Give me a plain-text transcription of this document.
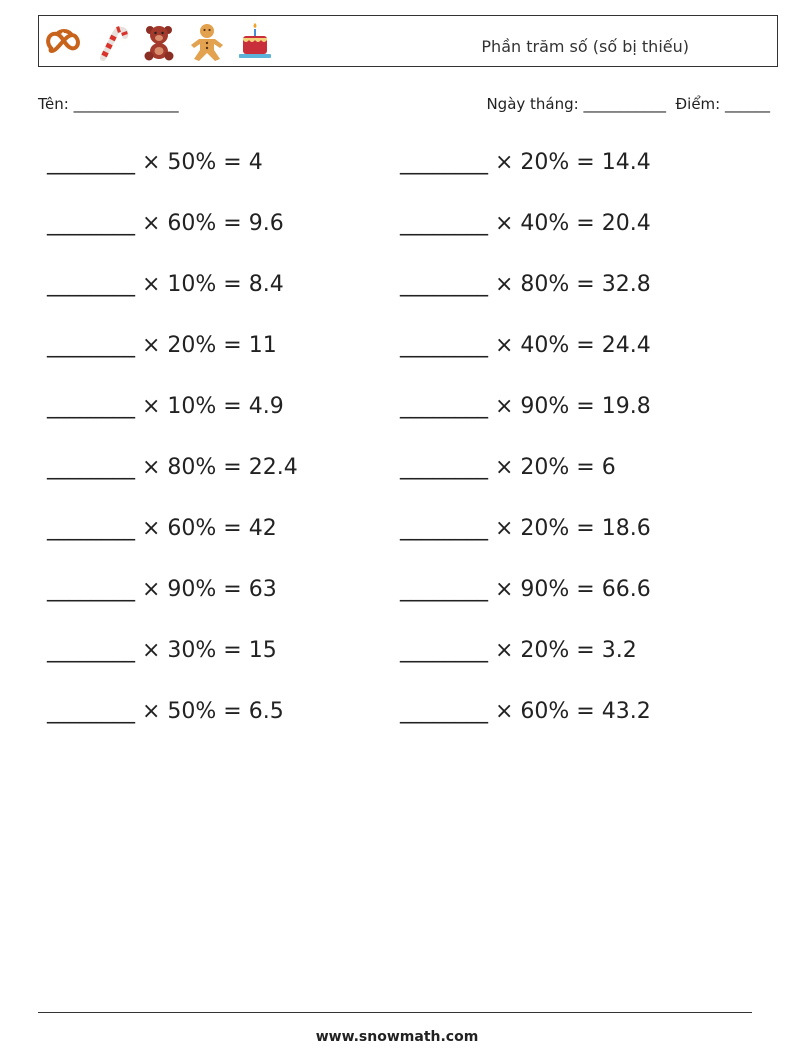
Phần trăm số (số bị thiếu)
Tên: ______________	Ngày tháng: ___________ Điểm: ______
________ × 50% = 4
________ × 60% = 9.6
________ × 10% = 8.4
________ × 20% = 11
________ × 10% = 4.9
________ × 80% = 22.4
________ × 60% = 42
________ × 90% = 63
________ × 30% = 15
________ × 50% = 6.5
________ × 20% = 14.4
________ × 40% = 20.4
________ × 80% = 32.8
________ × 40% = 24.4
________ × 90% = 19.8
________ × 20% = 6
________ × 20% = 18.6
________ × 90% = 66.6
________ × 20% = 3.2
________ × 60% = 43.2
www.snowmath.com
